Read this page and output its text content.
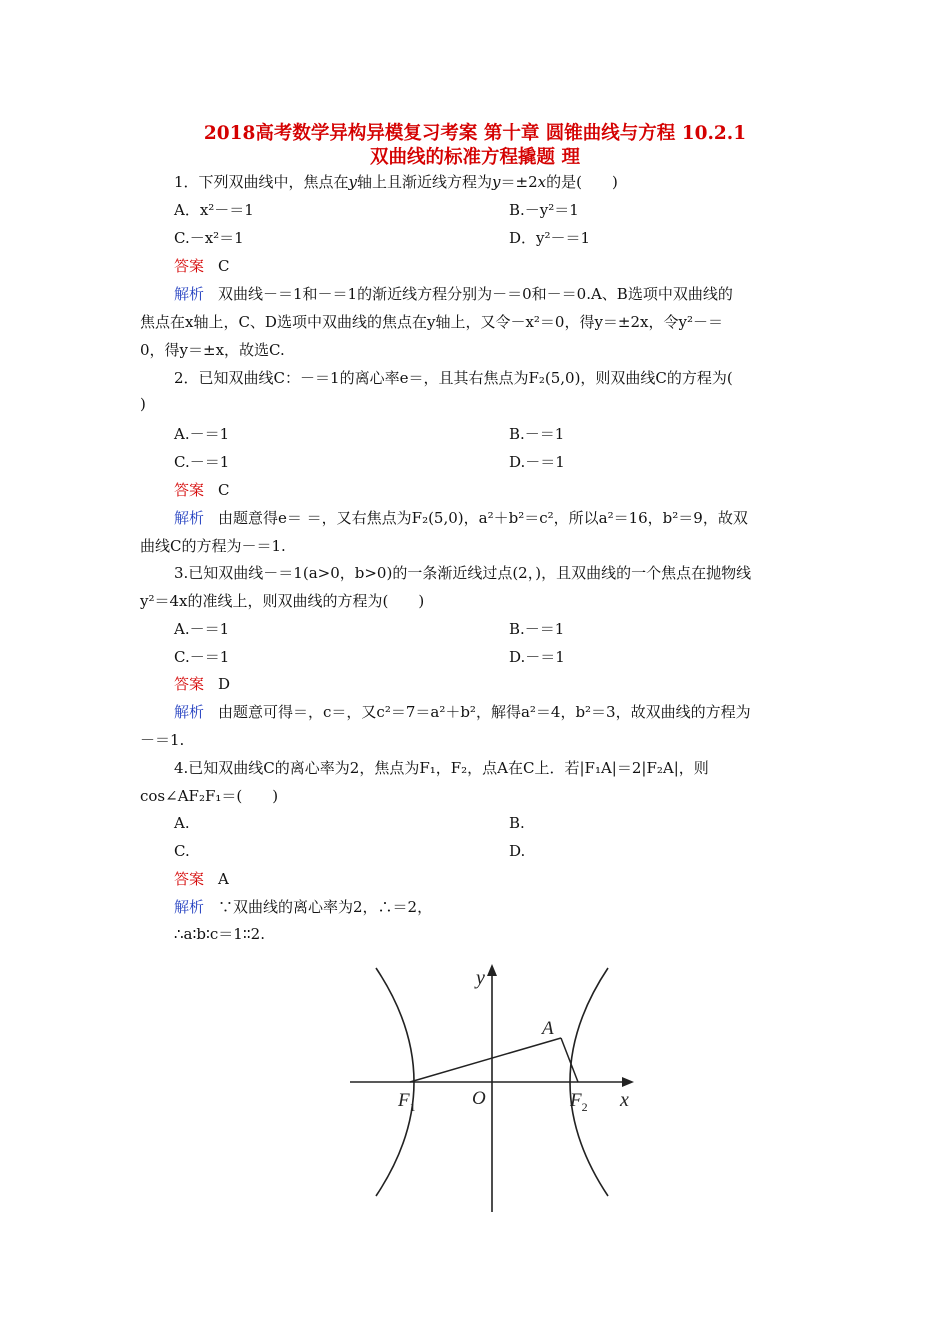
2018高考数学异构异模复习考案 第十章 圆锥曲线与方程 10.2.1
双曲线的标准方程撬题 理
1．下列双曲线中，焦点在y轴上且渐近线方程为y＝±2x的是(　　)
A．x²－＝1	B.－y²＝1
C.－x²＝1	D．y²－＝1
答案 C
解析 双曲线－＝1和－＝1的渐近线方程分别为－＝0和－＝0.A、B选项中双曲线的
焦点在x轴上，C、D选项中双曲线的焦点在y轴上，又令－x²＝0，得y＝±2x，令y²－＝
0，得y＝±x，故选C.
2．已知双曲线C：－＝1的离心率e＝，且其右焦点为F₂(5,0)，则双曲线C的方程为(
)
A.－＝1	B.－＝1
C.－＝1	D.－＝1
答案 C
解析 由题意得e＝ ＝，又右焦点为F₂(5,0)，a²＋b²＝c²，所以a²＝16，b²＝9，故双
曲线C的方程为－＝1.
3.已知双曲线－＝1(a>0，b>0)的一条渐近线过点(2，)，且双曲线的一个焦点在抛物线
y²＝4x的准线上，则双曲线的方程为(　　)
A.－＝1	B.－＝1
C.－＝1	D.－＝1
答案 D
解析 由题意可得＝，c＝，又c²＝7＝a²＋b²，解得a²＝4，b²＝3，故双曲线的方程为
－＝1.
4.已知双曲线C的离心率为2，焦点为F₁，F₂，点A在C上．若|F₁A|＝2|F₂A|，则
cos∠AF₂F₁＝(　　)
A.	B.
C.	D.
答案 A
解析 ∵双曲线的离心率为2，∴＝2，
∴a∶b∶c＝1∶∶2.
y
x
O
A
$F_1$	$F_2$
